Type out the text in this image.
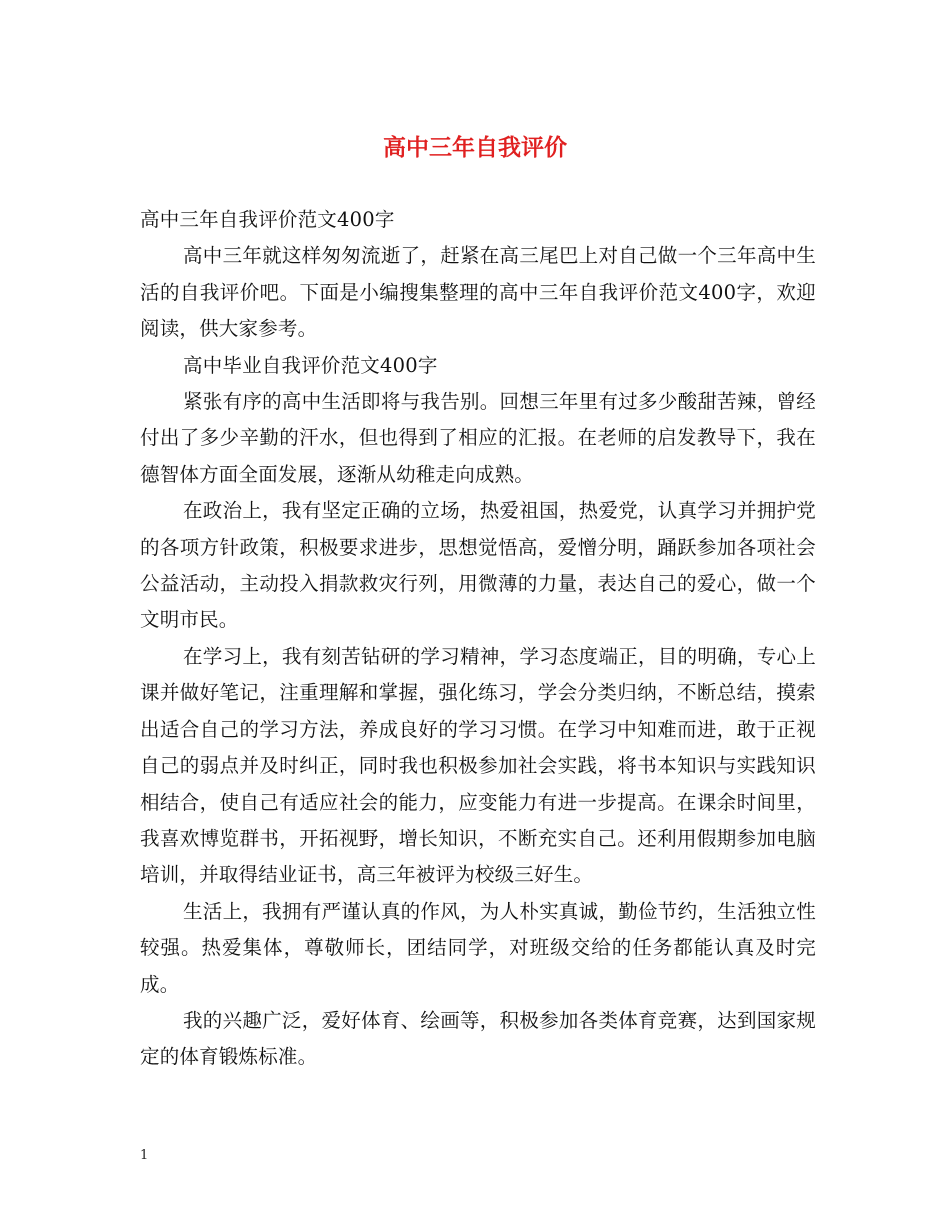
高中三年自我评价

高中三年自我评价范文400字

高中三年就这样匆匆流逝了，赶紧在高三尾巴上对自己做一个三年高中生活的自我评价吧。下面是小编搜集整理的高中三年自我评价范文400字，欢迎阅读，供大家参考。

高中毕业自我评价范文400字

紧张有序的高中生活即将与我告别。回想三年里有过多少酸甜苦辣，曾经付出了多少辛勤的汗水，但也得到了相应的汇报。在老师的启发教导下，我在德智体方面全面发展，逐渐从幼稚走向成熟。

在政治上，我有坚定正确的立场，热爱祖国，热爱党，认真学习并拥护党的各项方针政策，积极要求进步，思想觉悟高，爱憎分明，踊跃参加各项社会公益活动，主动投入捐款救灾行列，用微薄的力量，表达自己的爱心，做一个文明市民。

在学习上，我有刻苦钻研的学习精神，学习态度端正，目的明确，专心上课并做好笔记，注重理解和掌握，强化练习，学会分类归纳，不断总结，摸索出适合自己的学习方法，养成良好的学习习惯。在学习中知难而进，敢于正视自己的弱点并及时纠正，同时我也积极参加社会实践，将书本知识与实践知识相结合，使自己有适应社会的能力，应变能力有进一步提高。在课余时间里，我喜欢博览群书，开拓视野，增长知识，不断充实自己。还利用假期参加电脑培训，并取得结业证书，高三年被评为校级三好生。

生活上，我拥有严谨认真的作风，为人朴实真诚，勤俭节约，生活独立性较强。热爱集体，尊敬师长，团结同学，对班级交给的任务都能认真及时完成。

我的兴趣广泛，爱好体育、绘画等，积极参加各类体育竞赛，达到国家规定的体育锻炼标准。

1
